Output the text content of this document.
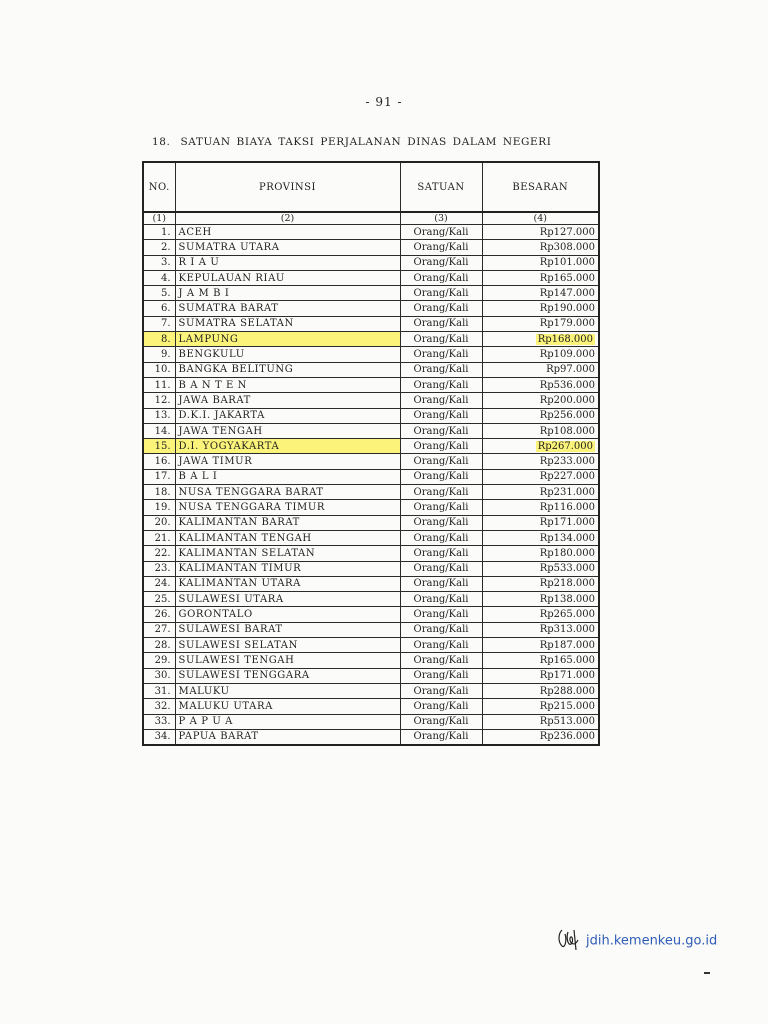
- 91 -
18. SATUAN BIAYA TAKSI PERJALANAN DINAS DALAM NEGERI
NO.	PROVINSI	SATUAN	BESARAN
(1)	(2)	(3)	(4)
1.	ACEH	Orang/Kali	Rp127.000
2.	SUMATRA UTARA	Orang/Kali	Rp308.000
3.	R I A U	Orang/Kali	Rp101.000
4.	KEPULAUAN RIAU	Orang/Kali	Rp165.000
5.	J A M B I	Orang/Kali	Rp147.000
6.	SUMATRA BARAT	Orang/Kali	Rp190.000
7.	SUMATRA SELATAN	Orang/Kali	Rp179.000
8.	LAMPUNG	Orang/Kali	Rp168.000
9.	BENGKULU	Orang/Kali	Rp109.000
10.	BANGKA BELITUNG	Orang/Kali	Rp97.000
11.	B A N T E N	Orang/Kali	Rp536.000
12.	JAWA BARAT	Orang/Kali	Rp200.000
13.	D.K.I. JAKARTA	Orang/Kali	Rp256.000
14.	JAWA TENGAH	Orang/Kali	Rp108.000
15.	D.I. YOGYAKARTA	Orang/Kali	Rp267.000
16.	JAWA TIMUR	Orang/Kali	Rp233.000
17.	B A L I	Orang/Kali	Rp227.000
18.	NUSA TENGGARA BARAT	Orang/Kali	Rp231.000
19.	NUSA TENGGARA TIMUR	Orang/Kali	Rp116.000
20.	KALIMANTAN BARAT	Orang/Kali	Rp171.000
21.	KALIMANTAN TENGAH	Orang/Kali	Rp134.000
22.	KALIMANTAN SELATAN	Orang/Kali	Rp180.000
23.	KALIMANTAN TIMUR	Orang/Kali	Rp533.000
24.	KALIMANTAN UTARA	Orang/Kali	Rp218.000
25.	SULAWESI UTARA	Orang/Kali	Rp138.000
26.	GORONTALO	Orang/Kali	Rp265.000
27.	SULAWESI BARAT	Orang/Kali	Rp313.000
28.	SULAWESI SELATAN	Orang/Kali	Rp187.000
29.	SULAWESI TENGAH	Orang/Kali	Rp165.000
30.	SULAWESI TENGGARA	Orang/Kali	Rp171.000
31.	MALUKU	Orang/Kali	Rp288.000
32.	MALUKU UTARA	Orang/Kali	Rp215.000
33.	P A P U A	Orang/Kali	Rp513.000
34.	PAPUA BARAT	Orang/Kali	Rp236.000
jdih.kemenkeu.go.id
